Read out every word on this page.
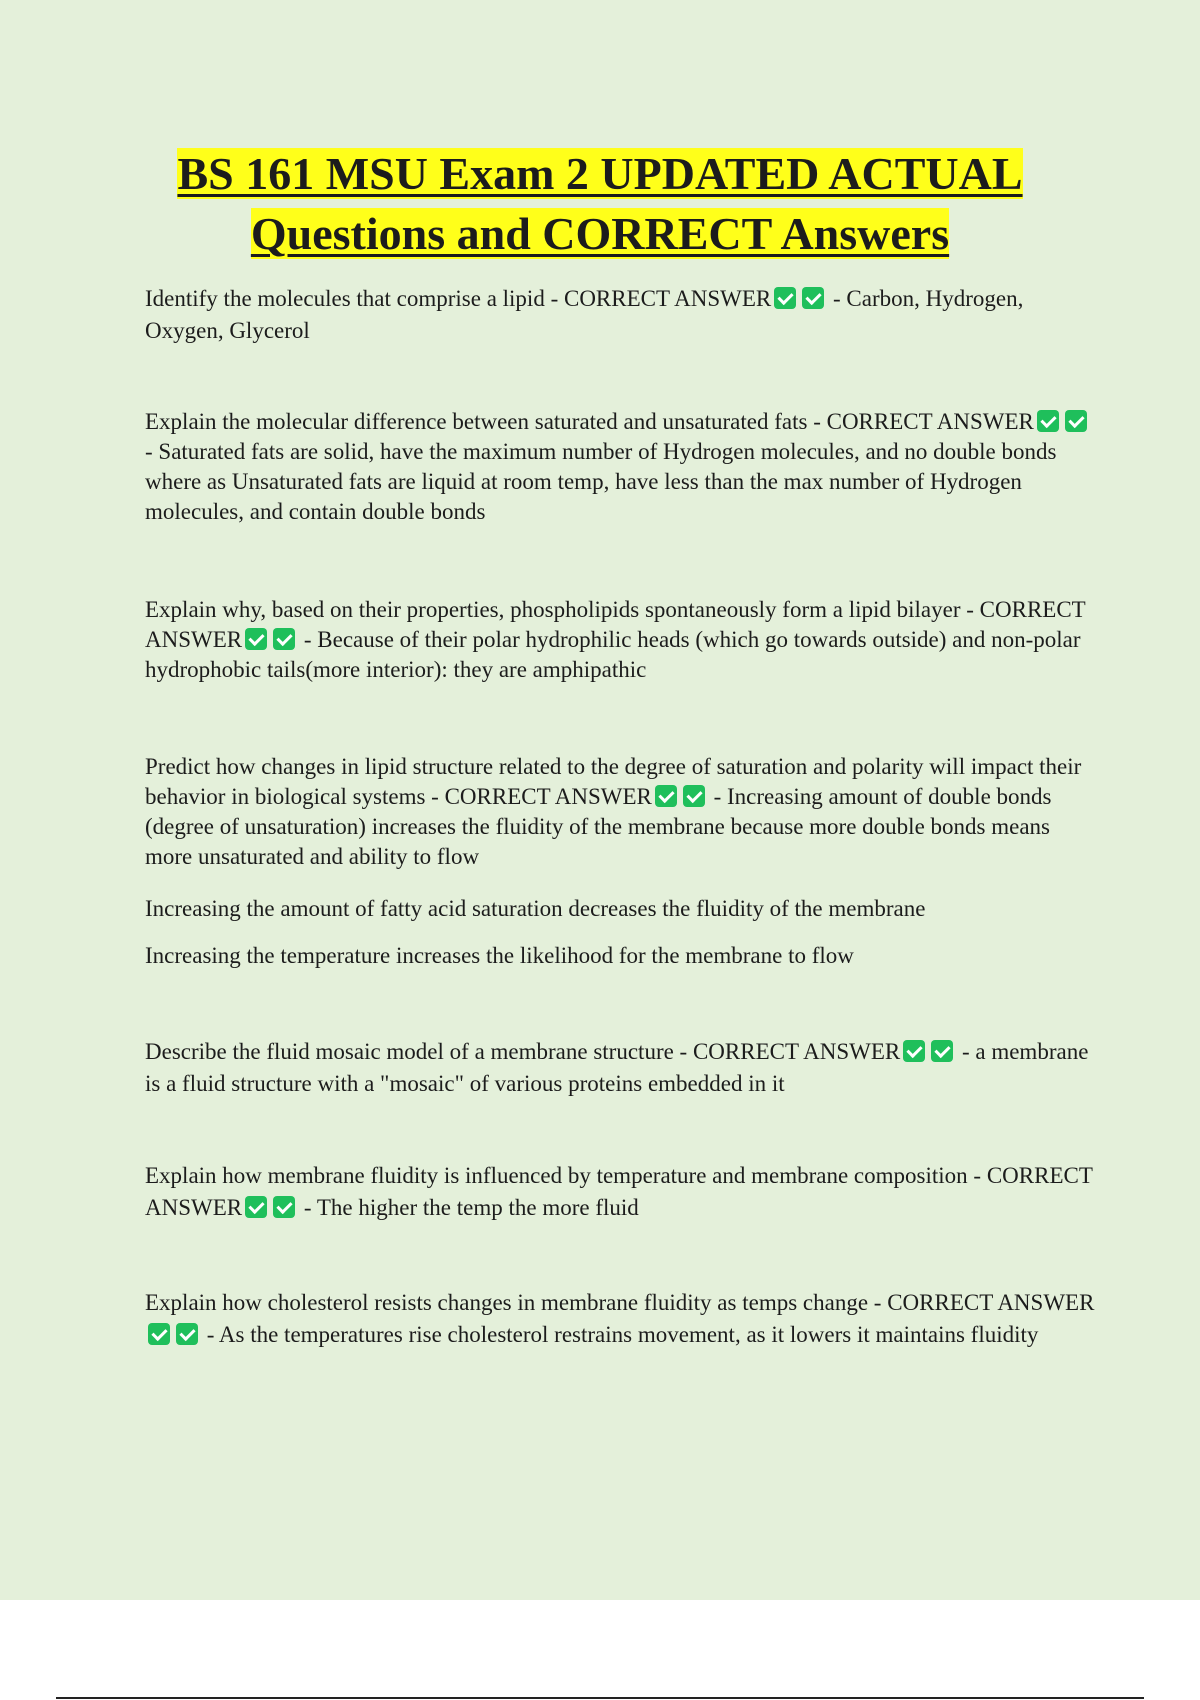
BS 161 MSU Exam 2 UPDATED ACTUAL
Questions and CORRECT Answers

Identify the molecules that comprise a lipid - CORRECT ANSWER - Carbon, Hydrogen, Oxygen, Glycerol

Explain the molecular difference between saturated and unsaturated fats - CORRECT ANSWER - Saturated fats are solid, have the maximum number of Hydrogen molecules, and no double bonds where as Unsaturated fats are liquid at room temp, have less than the max number of Hydrogen molecules, and contain double bonds

Explain why, based on their properties, phospholipids spontaneously form a lipid bilayer - CORRECT ANSWER - Because of their polar hydrophilic heads (which go towards outside) and non-polar hydrophobic tails(more interior): they are amphipathic

Predict how changes in lipid structure related to the degree of saturation and polarity will impact their behavior in biological systems - CORRECT ANSWER - Increasing amount of double bonds (degree of unsaturation) increases the fluidity of the membrane because more double bonds means more unsaturated and ability to flow

Increasing the amount of fatty acid saturation decreases the fluidity of the membrane

Increasing the temperature increases the likelihood for the membrane to flow

Describe the fluid mosaic model of a membrane structure - CORRECT ANSWER - a membrane is a fluid structure with a "mosaic" of various proteins embedded in it

Explain how membrane fluidity is influenced by temperature and membrane composition - CORRECT ANSWER - The higher the temp the more fluid

Explain how cholesterol resists changes in membrane fluidity as temps change - CORRECT ANSWER - As the temperatures rise cholesterol restrains movement, as it lowers it maintains fluidity
